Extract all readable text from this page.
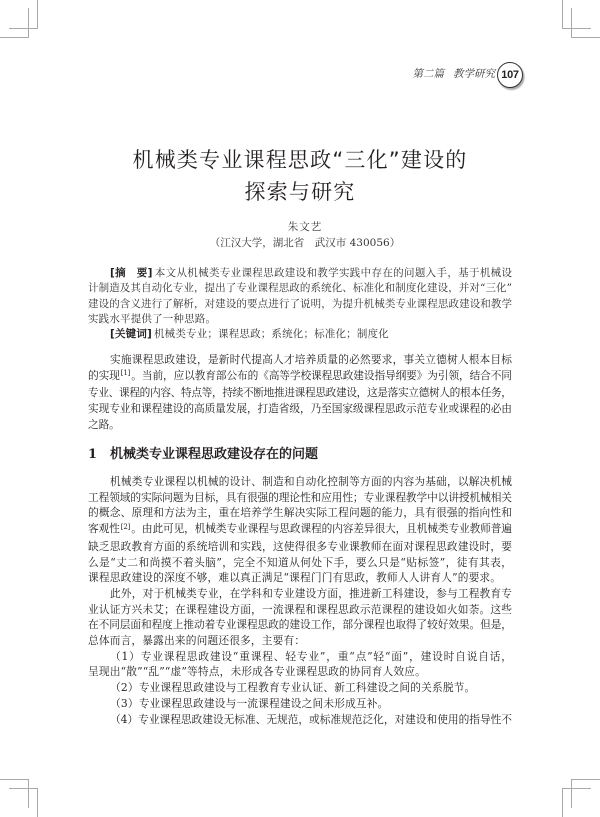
第二篇 教学研究 107
机械类专业课程思政“三化”建设的
探索与研究
朱文艺
（江汉大学，湖北省　武汉市 430056）
[摘　要] 本文从机械类专业课程思政建设和教学实践中存在的问题入手，基于机械设
计制造及其自动化专业，提出了专业课程思政的系统化、标准化和制度化建设，并对“三化”
建设的含义进行了解析，对建设的要点进行了说明，为提升机械类专业课程思政建设和教学
实践水平提供了一种思路。
[关键词] 机械类专业；课程思政；系统化；标准化；制度化
实施课程思政建设，是新时代提高人才培养质量的必然要求，事关立德树人根本目标
的实现[1]。当前，应以教育部公布的《高等学校课程思政建设指导纲要》为引领，结合不同
专业、课程的内容、特点等，持续不断地推进课程思政建设，这是落实立德树人的根本任务，
实现专业和课程建设的高质量发展，打造省级，乃至国家级课程思政示范专业或课程的必由
之路。
1 机械类专业课程思政建设存在的问题
机械类专业课程以机械的设计、制造和自动化控制等方面的内容为基础，以解决机械
工程领域的实际问题为目标，具有很强的理论性和应用性；专业课程教学中以讲授机械相关
的概念、原理和方法为主，重在培养学生解决实际工程问题的能力，具有很强的指向性和
客观性[2]。由此可见，机械类专业课程与思政课程的内容差异很大，且机械类专业教师普遍
缺乏思政教育方面的系统培训和实践，这使得很多专业课教师在面对课程思政建设时，要
么是“丈二和尚摸不着头脑”，完全不知道从何处下手，要么只是“贴标签”，徒有其表，
课程思政建设的深度不够，难以真正满足“课程门门有思政，教师人人讲育人”的要求。
此外，对于机械类专业，在学科和专业建设方面，推进新工科建设，参与工程教育专
业认证方兴未艾；在课程建设方面，一流课程和课程思政示范课程的建设如火如荼。这些
在不同层面和程度上推动着专业课程思政的建设工作，部分课程也取得了较好效果。但是，
总体而言，暴露出来的问题还很多，主要有：
（1）专业课程思政建设“重课程、轻专业”，重“点”轻“面”，建设时自说自话，
呈现出“散”“乱”“虚”等特点，未形成各专业课程思政的协同育人效应。
（2）专业课程思政建设与工程教育专业认证、新工科建设之间的关系脱节。
（3）专业课程思政建设与一流课程建设之间未形成互补。
（4）专业课程思政建设无标准、无规范，或标准规范泛化，对建设和使用的指导性不
